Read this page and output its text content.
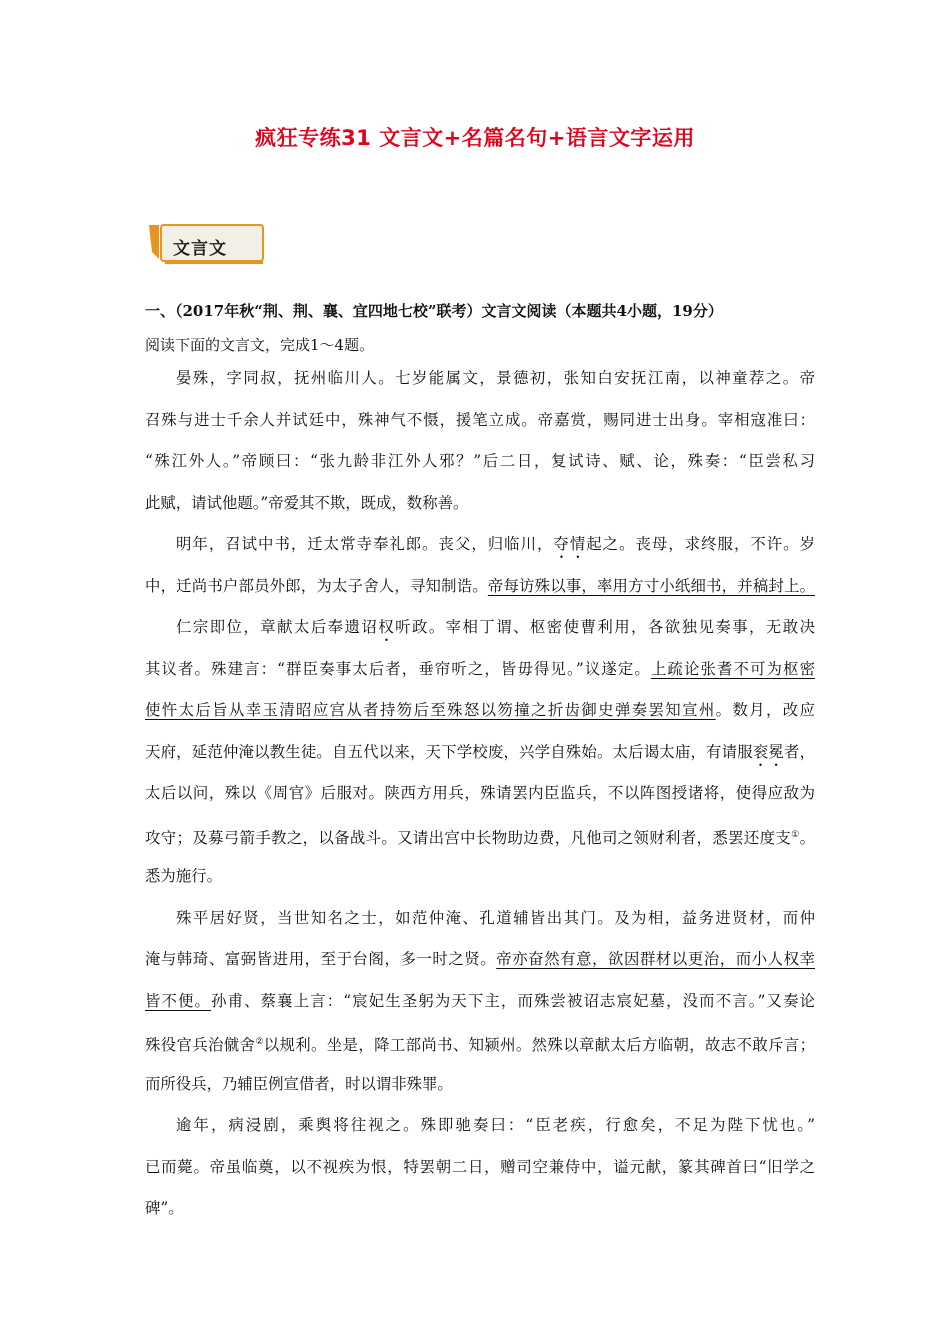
疯狂专练31 文言文+名篇名句+语言文字运用
文言文
一、（2017年秋“荆、荆、襄、宜四地七校”联考）文言文阅读（本题共4小题，19分）
阅读下面的文言文，完成1～4题。
晏殊，字同叔，抚州临川人。七岁能属文，景德初，张知白安抚江南，以神童荐之。帝
召殊与进士千余人并试廷中，殊神气不慑，援笔立成。帝嘉赏，赐同进士出身。宰相寇准曰：
“殊江外人。”帝顾曰：“张九龄非江外人邪？”后二日，复试诗、赋、论，殊奏：“臣尝私习
此赋，请试他题。”帝爱其不欺，既成，数称善。
明年，召试中书，迁太常寺奉礼郎。丧父，归临川，夺情起之。丧母，求终服，不许。岁
中，迁尚书户部员外郎，为太子舍人，寻知制诰。帝每访殊以事，率用方寸小纸细书，并稿封上。
仁宗即位，章献太后奉遗诏权听政。宰相丁谓、枢密使曹利用，各欲独见奏事，无敢决
其议者。殊建言：“群臣奏事太后者，垂帘听之，皆毋得见。”议遂定。上疏论张耆不可为枢密
使忤太后旨从幸玉清昭应宫从者持笏后至殊怒以笏撞之折齿御史弹奏罢知宣州。数月，改应
天府，延范仲淹以教生徒。自五代以来，天下学校废，兴学自殊始。太后谒太庙，有请服衮冕者，
太后以问，殊以《周官》后服对。陕西方用兵，殊请罢内臣监兵，不以阵图授诸将，使得应敌为
攻守；及募弓箭手教之，以备战斗。又请出宫中长物助边费，凡他司之领财利者，悉罢还度支①。
悉为施行。
殊平居好贤，当世知名之士，如范仲淹、孔道辅皆出其门。及为相，益务进贤材，而仲
淹与韩琦、富弼皆进用，至于台阁，多一时之贤。帝亦奋然有意，欲因群材以更治，而小人权幸
皆不便。孙甫、蔡襄上言：“宸妃生圣躬为天下主，而殊尝被诏志宸妃墓，没而不言。”又奏论
殊役官兵治僦舍②以规利。坐是，降工部尚书、知颍州。然殊以章献太后方临朝，故志不敢斥言；
而所役兵，乃辅臣例宣借者，时以谓非殊罪。
逾年，病浸剧，乘舆将往视之。殊即驰奏曰：“臣老疾，行愈矣，不足为陛下忧也。”
已而薨。帝虽临奠，以不视疾为恨，特罢朝二日，赠司空兼侍中，谥元献，篆其碑首曰“旧学之
碑”。
